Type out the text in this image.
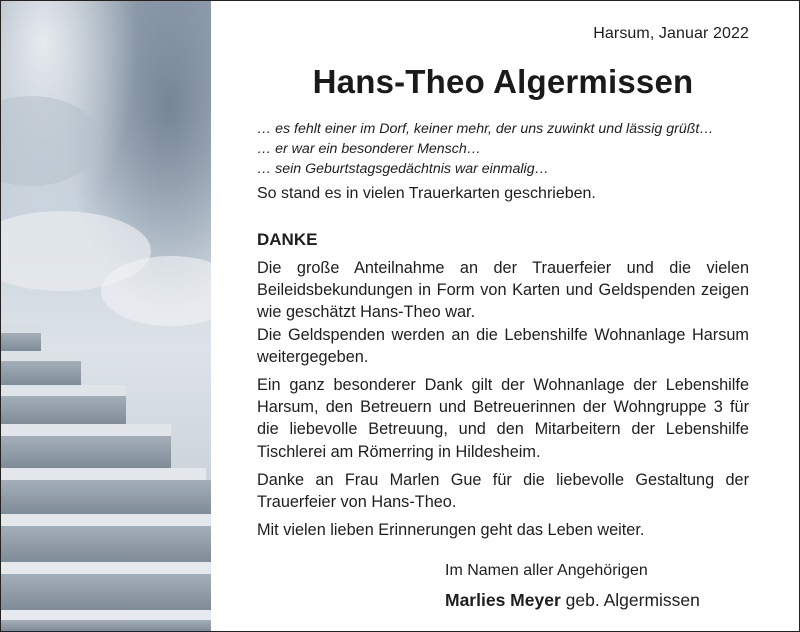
Harsum, Januar 2022
Hans-Theo Algermissen
… es fehlt einer im Dorf, keiner mehr, der uns zuwinkt und lässig grüßt…
… er war ein besonderer Mensch…
… sein Geburtstagsgedächtnis war einmalig…
So stand es in vielen Trauerkarten geschrieben.
DANKE

Die große Anteilnahme an der Trauerfeier und die vielen Beileidsbekundungen in Form von Karten und Geldspenden zeigen wie geschätzt Hans-Theo war.

Die Geldspenden werden an die Lebenshilfe Wohnanlage Harsum weitergegeben.

Ein ganz besonderer Dank gilt der Wohnanlage der Lebenshilfe Harsum, den Betreuern und Betreuerinnen der Wohngruppe 3 für die liebevolle Betreuung, und den Mitarbeitern der Lebenshilfe Tischlerei am Römerring in Hildesheim.

Danke an Frau Marlen Gue für die liebevolle Gestaltung der Trauerfeier von Hans-Theo.

Mit vielen lieben Erinnerungen geht das Leben weiter.

Im Namen aller Angehörigen
Marlies Meyer geb. Algermissen
